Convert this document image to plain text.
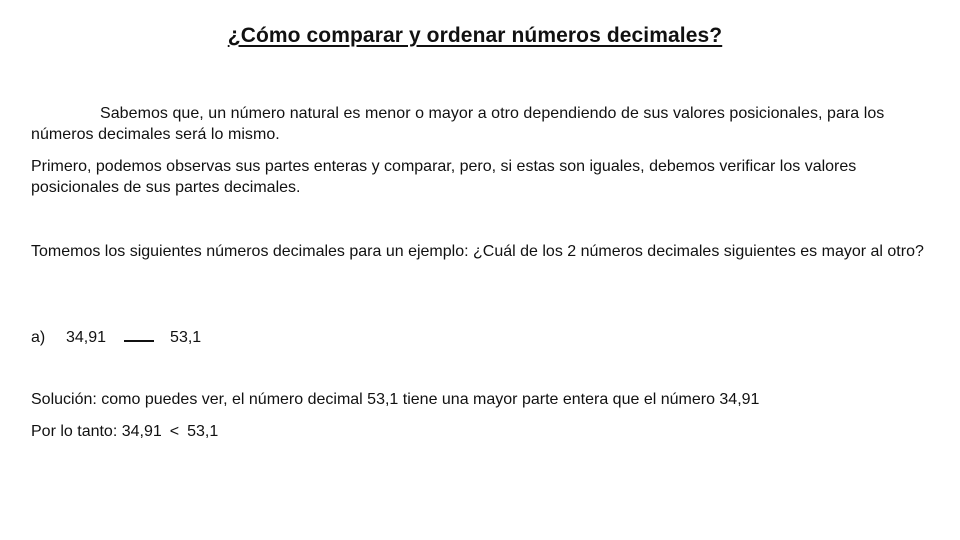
¿Cómo comparar y ordenar números decimales?

Sabemos que, un número natural es menor o mayor a otro dependiendo de sus valores posicionales, para los números decimales será lo mismo.

Primero, podemos observas sus partes enteras y comparar, pero, si estas son iguales, debemos verificar los valores posicionales de sus partes decimales.

Tomemos los siguientes números decimales para un ejemplo: ¿Cuál de los 2 números decimales siguientes es mayor al otro?

a) 34,91	53,1
Solución: como puedes ver, el número decimal 53,1 tiene una mayor parte entera que el número 34,91
Por lo tanto: 34,91 < 53,1
